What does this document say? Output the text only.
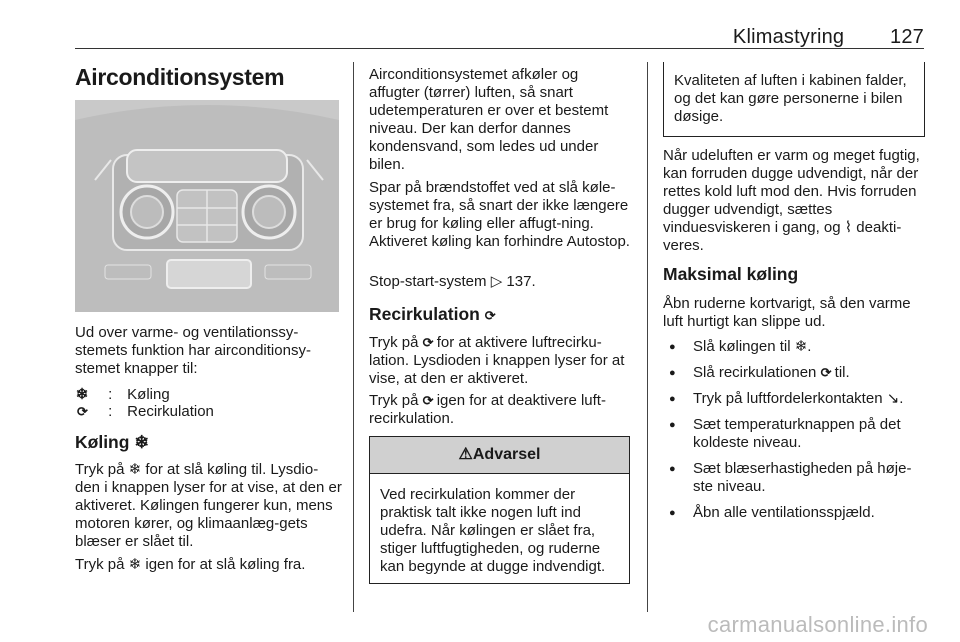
Klimastyring 127
Airconditionsystem

Ud over varme- og ventilationssy-stemets funktion har airconditionsy-stemet knapper til:

❄ : Køling
⟳ : Recirkulation
Køling ❄

Tryk på ❄ for at slå køling til. Lysdio-den i knappen lyser for at vise, at den er aktiveret. Kølingen fungerer kun, mens motoren kører, og klimaanlæg-gets blæser er slået til.

Tryk på ❄ igen for at slå køling fra.

Airconditionsystemet afkøler og affugter (tørrer) luften, så snart udetemperaturen er over et bestemt niveau. Der kan derfor dannes kondensvand, som ledes ud under bilen.

Spar på brændstoffet ved at slå køle-systemet fra, så snart der ikke længere er brug for køling eller affugt-ning. Aktiveret køling kan forhindre Autostop.

Stop-start-system ▷ 137.

Recirkulation ⟳

Tryk på ⟳ for at aktivere luftrecirku-lation. Lysdioden i knappen lyser for at vise, at den er aktiveret.

Tryk på ⟳ igen for at deaktivere luft-recirkulation.

⚠Advarsel
Ved recirkulation kommer der praktisk talt ikke nogen luft ind udefra. Når kølingen er slået fra, stiger luftfugtigheden, og ruderne kan begynde at dugge indvendigt.
Kvaliteten af luften i kabinen falder, og det kan gøre personerne i bilen døsige.

Når udeluften er varm og meget fugtig, kan forruden dugge udvendigt, når der rettes kold luft mod den. Hvis forruden dugger udvendigt, sættes vinduesviskeren i gang, og ⌇ deakti-veres.

Maksimal køling

Åbn ruderne kortvarigt, så den varme luft hurtigt kan slippe ud.

● Slå kølingen til ❄.
● Slå recirkulationen ⟳ til.
● Tryk på luftfordelerkontakten ↘.
● Sæt temperaturknappen på det koldeste niveau.
● Sæt blæserhastigheden på høje-ste niveau.
● Åbn alle ventilationsspjæld.
carmanualsonline.info
